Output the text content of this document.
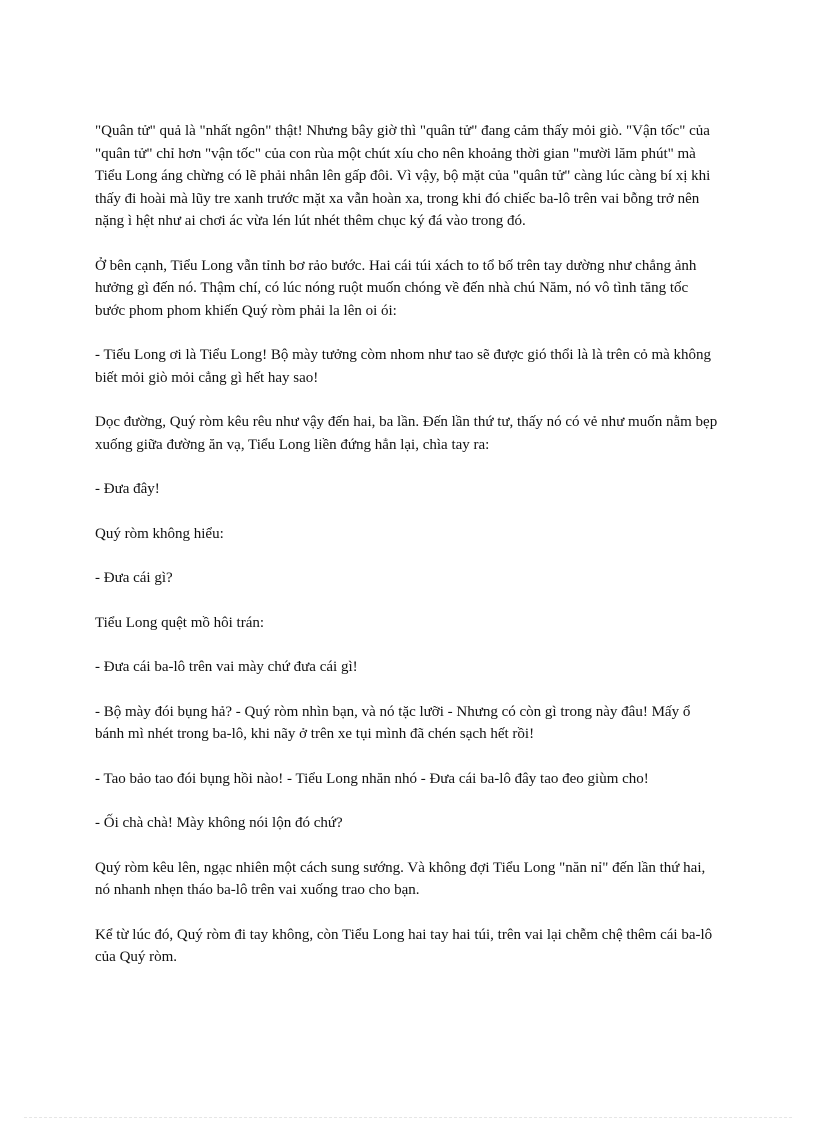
"Quân tử" quả là "nhất ngôn" thật! Nhưng bây giờ thì "quân tử" đang cảm thấy mỏi giò. "Vận tốc" của "quân tử" chỉ hơn "vận tốc" của con rùa một chút xíu cho nên khoảng thời gian "mười lăm phút" mà Tiểu Long áng chừng có lẽ phải nhân lên gấp đôi. Vì vậy, bộ mặt của "quân tử" càng lúc càng bí xị khi thấy đi hoài mà lũy tre xanh trước mặt xa vẫn hoàn xa, trong khi đó chiếc ba-lô trên vai bỗng trở nên nặng ì hệt như ai chơi ác vừa lén lút nhét thêm chục ký đá vào trong đó.

Ở bên cạnh, Tiểu Long vẫn tỉnh bơ rảo bước. Hai cái túi xách to tổ bố trên tay dường như chẳng ảnh hưởng gì đến nó. Thậm chí, có lúc nóng ruột muốn chóng về đến nhà chú Năm, nó vô tình tăng tốc bước phom phom khiến Quý ròm phải la lên oi ói:

- Tiểu Long ơi là Tiểu Long! Bộ mày tưởng còm nhom như tao sẽ được gió thổi là là trên cỏ mà không biết mỏi giò mỏi cẳng gì hết hay sao!

Dọc đường, Quý ròm kêu rêu như vậy đến hai, ba lần. Đến lần thứ tư, thấy nó có vẻ như muốn nằm bẹp xuống giữa đường ăn vạ, Tiểu Long liền đứng hẳn lại, chìa tay ra:

- Đưa đây!

Quý ròm không hiểu:

- Đưa cái gì?

Tiểu Long quệt mồ hôi trán:

- Đưa cái ba-lô trên vai mày chứ đưa cái gì!

- Bộ mày đói bụng hả? - Quý ròm nhìn bạn, và nó tặc lưỡi - Nhưng có còn gì trong này đâu! Mấy ổ bánh mì nhét trong ba-lô, khi nãy ở trên xe tụi mình đã chén sạch hết rồi!

- Tao bảo tao đói bụng hồi nào! - Tiểu Long nhăn nhó - Đưa cái ba-lô đây tao đeo giùm cho!

- Ối chà chà! Mày không nói lộn đó chứ?

Quý ròm kêu lên, ngạc nhiên một cách sung sướng. Và không đợi Tiểu Long "năn nỉ" đến lần thứ hai, nó nhanh nhẹn tháo ba-lô trên vai xuống trao cho bạn.

Kể từ lúc đó, Quý ròm đi tay không, còn Tiểu Long hai tay hai túi, trên vai lại chễm chệ thêm cái ba-lô của Quý ròm.
